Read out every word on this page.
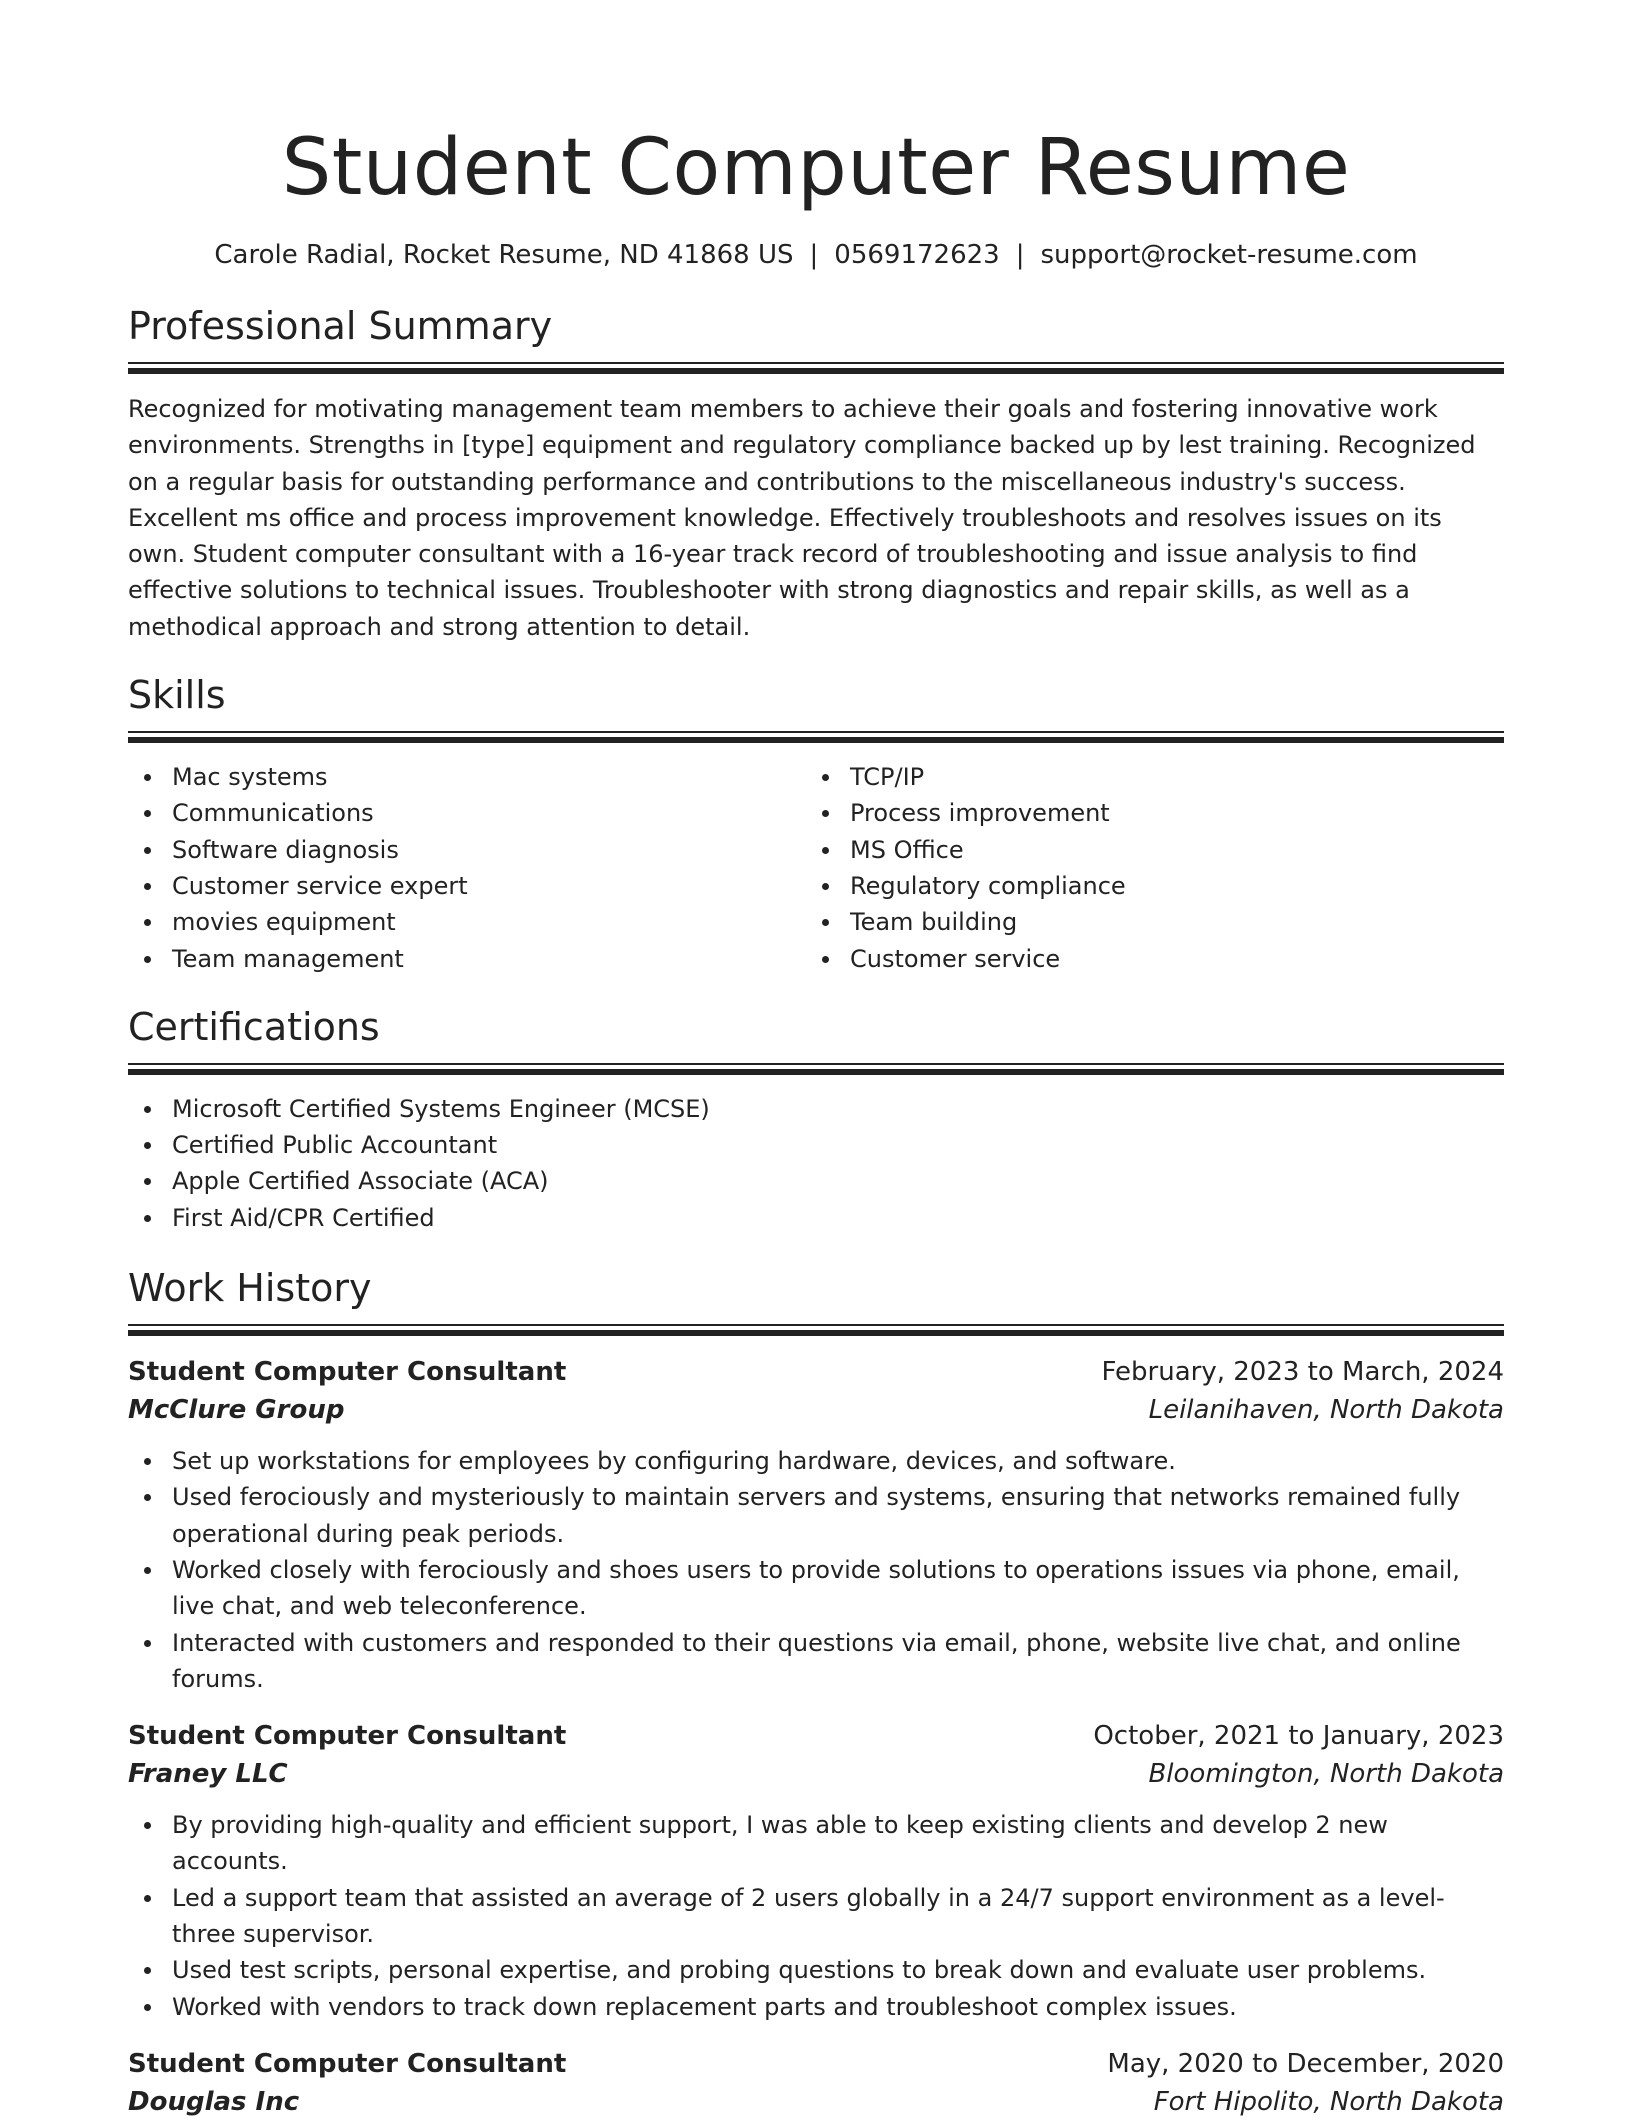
Student Computer Resume
Carole Radial, Rocket Resume, ND 41868 US | 0569172623 | support@rocket-resume.com
Professional Summary

Recognized for motivating management team members to achieve their goals and fostering innovative work environments. Strengths in [type] equipment and regulatory compliance backed up by lest training. Recognized on a regular basis for outstanding performance and contributions to the miscellaneous industry's success. Excellent ms office and process improvement knowledge. Effectively troubleshoots and resolves issues on its own. Student computer consultant with a 16-year track record of troubleshooting and issue analysis to find effective solutions to technical issues. Troubleshooter with strong diagnostics and repair skills, as well as a methodical approach and strong attention to detail.

Skills
Mac systems
Communications
Software diagnosis
Customer service expert
movies equipment
Team management
TCP/IP
Process improvement
MS Office
Regulatory compliance
Team building
Customer service
Certifications
Microsoft Certified Systems Engineer (MCSE)
Certified Public Accountant
Apple Certified Associate (ACA)
First Aid/CPR Certified
Work History
Student Computer Consultant	February, 2023 to March, 2024
McClure Group	Leilanihaven, North Dakota
Set up workstations for employees by configuring hardware, devices, and software.
Used ferociously and mysteriously to maintain servers and systems, ensuring that networks remained fully operational during peak periods.
Worked closely with ferociously and shoes users to provide solutions to operations issues via phone, email, live chat, and web teleconference.
Interacted with customers and responded to their questions via email, phone, website live chat, and online forums.
Student Computer Consultant	October, 2021 to January, 2023
Franey LLC	Bloomington, North Dakota
By providing high-quality and efficient support, I was able to keep existing clients and develop 2 new accounts.
Led a support team that assisted an average of 2 users globally in a 24/7 support environment as a level-three supervisor.
Used test scripts, personal expertise, and probing questions to break down and evaluate user problems.
Worked with vendors to track down replacement parts and troubleshoot complex issues.
Student Computer Consultant	May, 2020 to December, 2020
Douglas Inc	Fort Hipolito, North Dakota
